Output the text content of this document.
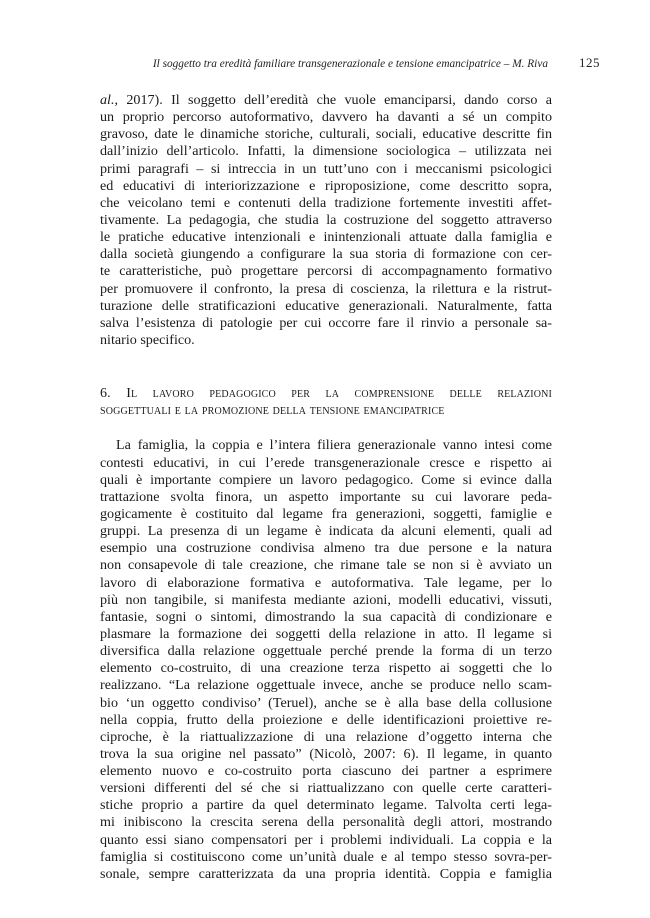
Il soggetto tra eredità familiare transgenerazionale e tensione emancipatrice – M. Riva 125
al., 2017). Il soggetto dell’eredità che vuole emanciparsi, dando corso a
un proprio percorso autoformativo, davvero ha davanti a sé un compito
gravoso, date le dinamiche storiche, culturali, sociali, educative descritte fin
dall’inizio dell’articolo. Infatti, la dimensione sociologica – utilizzata nei
primi paragrafi – si intreccia in un tutt’uno con i meccanismi psicologici
ed educativi di interiorizzazione e riproposizione, come descritto sopra,
che veicolano temi e contenuti della tradizione fortemente investiti affet-
tivamente. La pedagogia, che studia la costruzione del soggetto attraverso
le pratiche educative intenzionali e inintenzionali attuate dalla famiglia e
dalla società giungendo a configurare la sua storia di formazione con cer-
te caratteristiche, può progettare percorsi di accompagnamento formativo
per promuovere il confronto, la presa di coscienza, la rilettura e la ristrut-
turazione delle stratificazioni educative generazionali. Naturalmente, fatta
salva l’esistenza di patologie per cui occorre fare il rinvio a personale sa-
nitario specifico.
6. Il lavoro pedagogico per la comprensione delle relazioni
soggettuali e la promozione della tensione emancipatrice
La famiglia, la coppia e l’intera filiera generazionale vanno intesi come
contesti educativi, in cui l’erede transgenerazionale cresce e rispetto ai
quali è importante compiere un lavoro pedagogico. Come si evince dalla
trattazione svolta finora, un aspetto importante su cui lavorare peda-
gogicamente è costituito dal legame fra generazioni, soggetti, famiglie e
gruppi. La presenza di un legame è indicata da alcuni elementi, quali ad
esempio una costruzione condivisa almeno tra due persone e la natura
non consapevole di tale creazione, che rimane tale se non si è avviato un
lavoro di elaborazione formativa e autoformativa. Tale legame, per lo
più non tangibile, si manifesta mediante azioni, modelli educativi, vissuti,
fantasie, sogni o sintomi, dimostrando la sua capacità di condizionare e
plasmare la formazione dei soggetti della relazione in atto. Il legame si
diversifica dalla relazione oggettuale perché prende la forma di un terzo
elemento co-costruito, di una creazione terza rispetto ai soggetti che lo
realizzano. “La relazione oggettuale invece, anche se produce nello scam-
bio ‘un oggetto condiviso’ (Teruel), anche se è alla base della collusione
nella coppia, frutto della proiezione e delle identificazioni proiettive re-
ciproche, è la riattualizzazione di una relazione d’oggetto interna che
trova la sua origine nel passato” (Nicolò, 2007: 6). Il legame, in quanto
elemento nuovo e co-costruito porta ciascuno dei partner a esprimere
versioni differenti del sé che si riattualizzano con quelle certe caratteri-
stiche proprio a partire da quel determinato legame. Talvolta certi lega-
mi inibiscono la crescita serena della personalità degli attori, mostrando
quanto essi siano compensatori per i problemi individuali. La coppia e la
famiglia si costituiscono come un’unità duale e al tempo stesso sovra-per-
sonale, sempre caratterizzata da una propria identità. Coppia e famiglia
